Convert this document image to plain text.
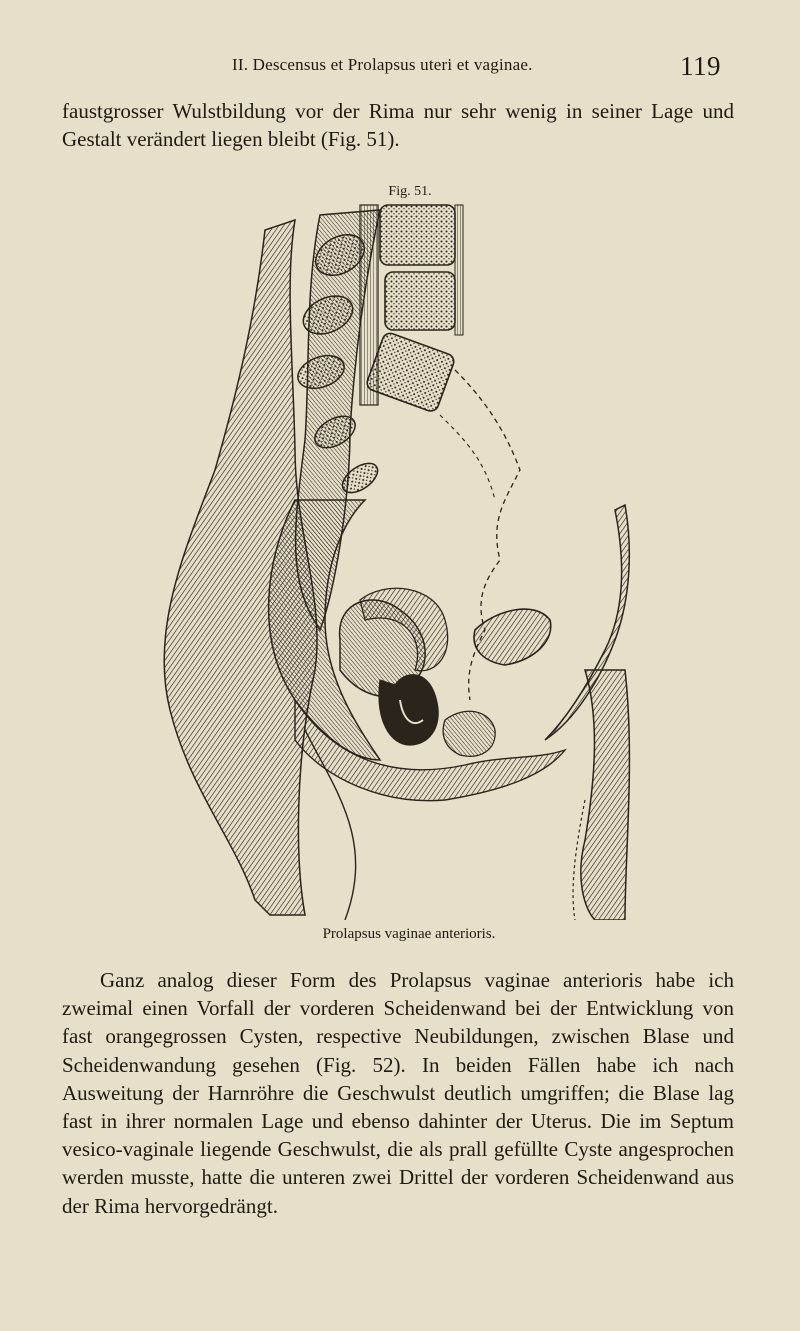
II. Descensus et Prolapsus uteri et vaginae.	119

faustgrosser Wulstbildung vor der Rima nur sehr wenig in seiner Lage und Gestalt verändert liegen bleibt (Fig. 51).

Fig. 51.
Prolapsus vaginae anterioris.

Ganz analog dieser Form des Prolapsus vaginae anterioris habe ich zweimal einen Vorfall der vorderen Scheidenwand bei der Entwicklung von fast orangegrossen Cysten, respective Neubildungen, zwischen Blase und Scheidenwandung gesehen (Fig. 52). In beiden Fällen habe ich nach Ausweitung der Harnröhre die Geschwulst deutlich umgriffen; die Blase lag fast in ihrer normalen Lage und ebenso dahinter der Uterus. Die im Septum vesico-vaginale liegende Geschwulst, die als prall gefüllte Cyste angesprochen werden musste, hatte die unteren zwei Drittel der vorderen Scheidenwand aus der Rima hervorgedrängt.
